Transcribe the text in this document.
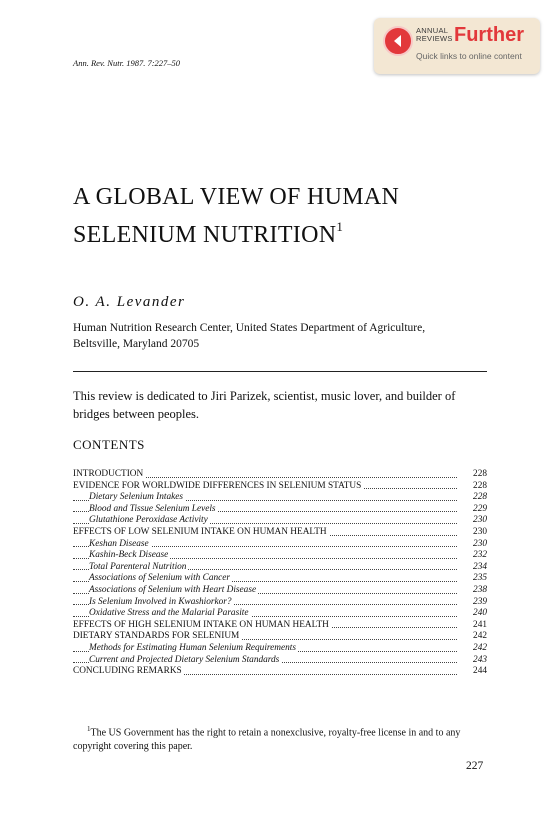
ANNUAL
REVIEWS Further
Quick links to online content
Ann. Rev. Nutr. 1987. 7:227–50
A GLOBAL VIEW OF HUMAN
SELENIUM NUTRITION$^1$
O. A. Levander
Human Nutrition Research Center, United States Department of Agriculture,
Beltsville, Maryland 20705
This review is dedicated to Jiri Parizek, scientist, music lover, and builder of bridges between peoples.
CONTENTS
INTRODUCTION	228
EVIDENCE FOR WORLDWIDE DIFFERENCES IN SELENIUM STATUS	228
Dietary Selenium Intakes	228
Blood and Tissue Selenium Levels	229
Glutathione Peroxidase Activity	230
EFFECTS OF LOW SELENIUM INTAKE ON HUMAN HEALTH	230
Keshan Disease	230
Kashin-Beck Disease	232
Total Parenteral Nutrition	234
Associations of Selenium with Cancer	235
Associations of Selenium with Heart Disease	238
Is Selenium Involved in Kwashiorkor?	239
Oxidative Stress and the Malarial Parasite	240
EFFECTS OF HIGH SELENIUM INTAKE ON HUMAN HEALTH	241
DIETARY STANDARDS FOR SELENIUM	242
Methods for Estimating Human Selenium Requirements	242
Current and Projected Dietary Selenium Standards	243
CONCLUDING REMARKS	244
$^1$The US Government has the right to retain a nonexclusive, royalty-free license in and to any copyright covering this paper.
227
